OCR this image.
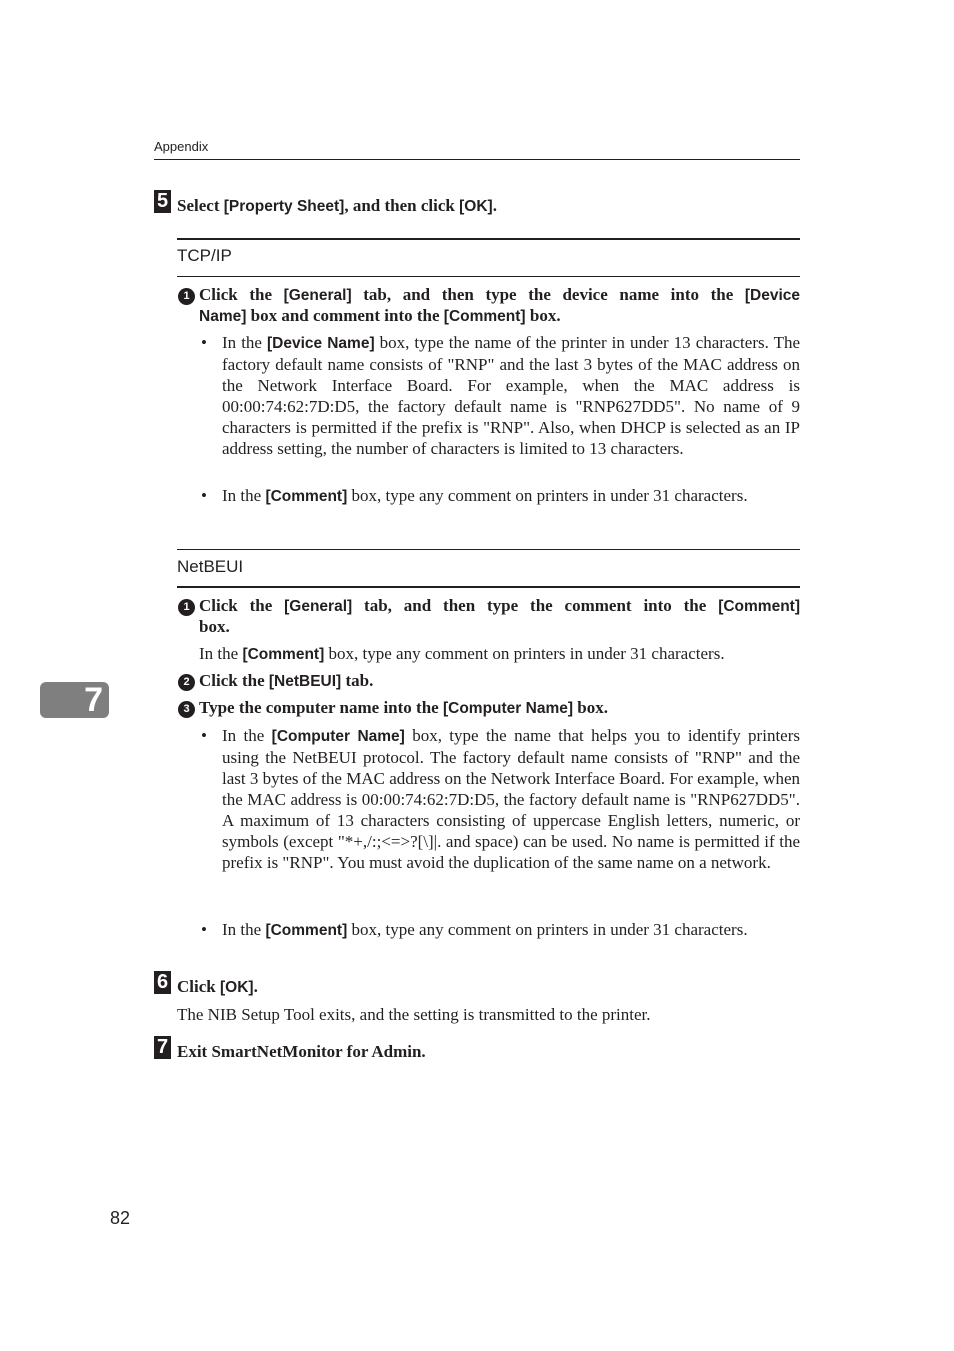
Appendix
5 Select [Property Sheet], and then click [OK].
TCP/IP
1 Click the [General] tab, and then type the device name into the [Device
Name] box and comment into the [Comment] box.
• In the [Device Name] box, type the name of the printer in under 13 characters. The factory default name consists of "RNP" and the last 3 bytes of the MAC address on the Network Interface Board. For example, when the MAC address is 00:00:74:62:7D:D5, the factory default name is "RNP627DD5". No name of 9 characters is permitted if the prefix is "RNP". Also, when DHCP is selected as an IP address setting, the number of characters is limited to 13 characters.
• In the [Comment] box, type any comment on printers in under 31 characters.
NetBEUI
1 Click the [General] tab, and then type the comment into the [Comment]
box.
In the [Comment] box, type any comment on printers in under 31 characters.
2 Click the [NetBEUI] tab.
3 Type the computer name into the [Computer Name] box.
• In the [Computer Name] box, type the name that helps you to identify printers using the NetBEUI protocol. The factory default name consists of "RNP" and the last 3 bytes of the MAC address on the Network Interface Board. For example, when the MAC address is 00:00:74:62:7D:D5, the factory default name is "RNP627DD5". A maximum of 13 characters consisting of uppercase English letters, numeric, or symbols (except "*+,/:;<=>?[\]|. and space) can be used. No name is permitted if the prefix is "RNP". You must avoid the duplication of the same name on a network.
• In the [Comment] box, type any comment on printers in under 31 characters.
7
6 Click [OK].
The NIB Setup Tool exits, and the setting is transmitted to the printer.
7 Exit SmartNetMonitor for Admin.
82
